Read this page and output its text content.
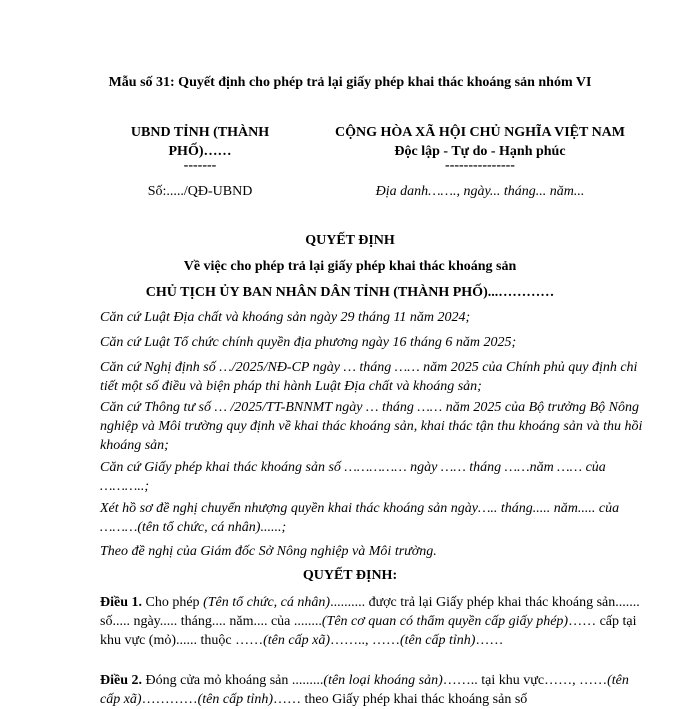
Mẫu số 31: Quyết định cho phép trả lại giấy phép khai thác khoáng sản nhóm VI
UBND TỈNH (THÀNH
PHỐ)……
-------
CỘNG HÒA XÃ HỘI CHỦ NGHĨA VIỆT NAM
Độc lập - Tự do - Hạnh phúc
---------------
Số:...../QĐ-UBND	Địa danh……., ngày... tháng... năm...
QUYẾT ĐỊNH
Về việc cho phép trả lại giấy phép khai thác khoáng sản
CHỦ TỊCH ỦY BAN NHÂN DÂN TỈNH (THÀNH PHỐ)...…………
Căn cứ Luật Địa chất và khoáng sản ngày 29 tháng 11 năm 2024;
Căn cứ Luật Tổ chức chính quyền địa phương ngày 16 tháng 6 năm 2025;
Căn cứ Nghị định số …/2025/NĐ-CP ngày … tháng …… năm 2025 của Chính phủ quy định chi tiết một số điều và biện pháp thi hành Luật Địa chất và khoáng sản;
Căn cứ Thông tư số … /2025/TT-BNNMT ngày … tháng …… năm 2025 của Bộ trưởng Bộ Nông nghiệp và Môi trường quy định về khai thác khoáng sản, khai thác tận thu khoáng sản và thu hồi khoáng sản;
Căn cứ Giấy phép khai thác khoáng sản số …………… ngày …… tháng ……năm …… của ………..;
Xét hồ sơ đề nghị chuyển nhượng quyền khai thác khoáng sản ngày….. tháng..... năm..... của ………(tên tổ chức, cá nhân)......;
Theo đề nghị của Giám đốc Sở Nông nghiệp và Môi trường.
QUYẾT ĐỊNH:
Điều 1. Cho phép (Tên tổ chức, cá nhân).......... được trả lại Giấy phép khai thác khoáng sản....... số..... ngày..... tháng.... năm.... của ........(Tên cơ quan có thẩm quyền cấp giấy phép)…… cấp tại khu vực (mỏ)...... thuộc ……(tên cấp xã)…….., ……(tên cấp tỉnh)……
Điều 2. Đóng cửa mỏ khoáng sản .........(tên loại khoáng sản)…….. tại khu vực……, ……(tên cấp xã)…………(tên cấp tỉnh)…… theo Giấy phép khai thác khoáng sản số
